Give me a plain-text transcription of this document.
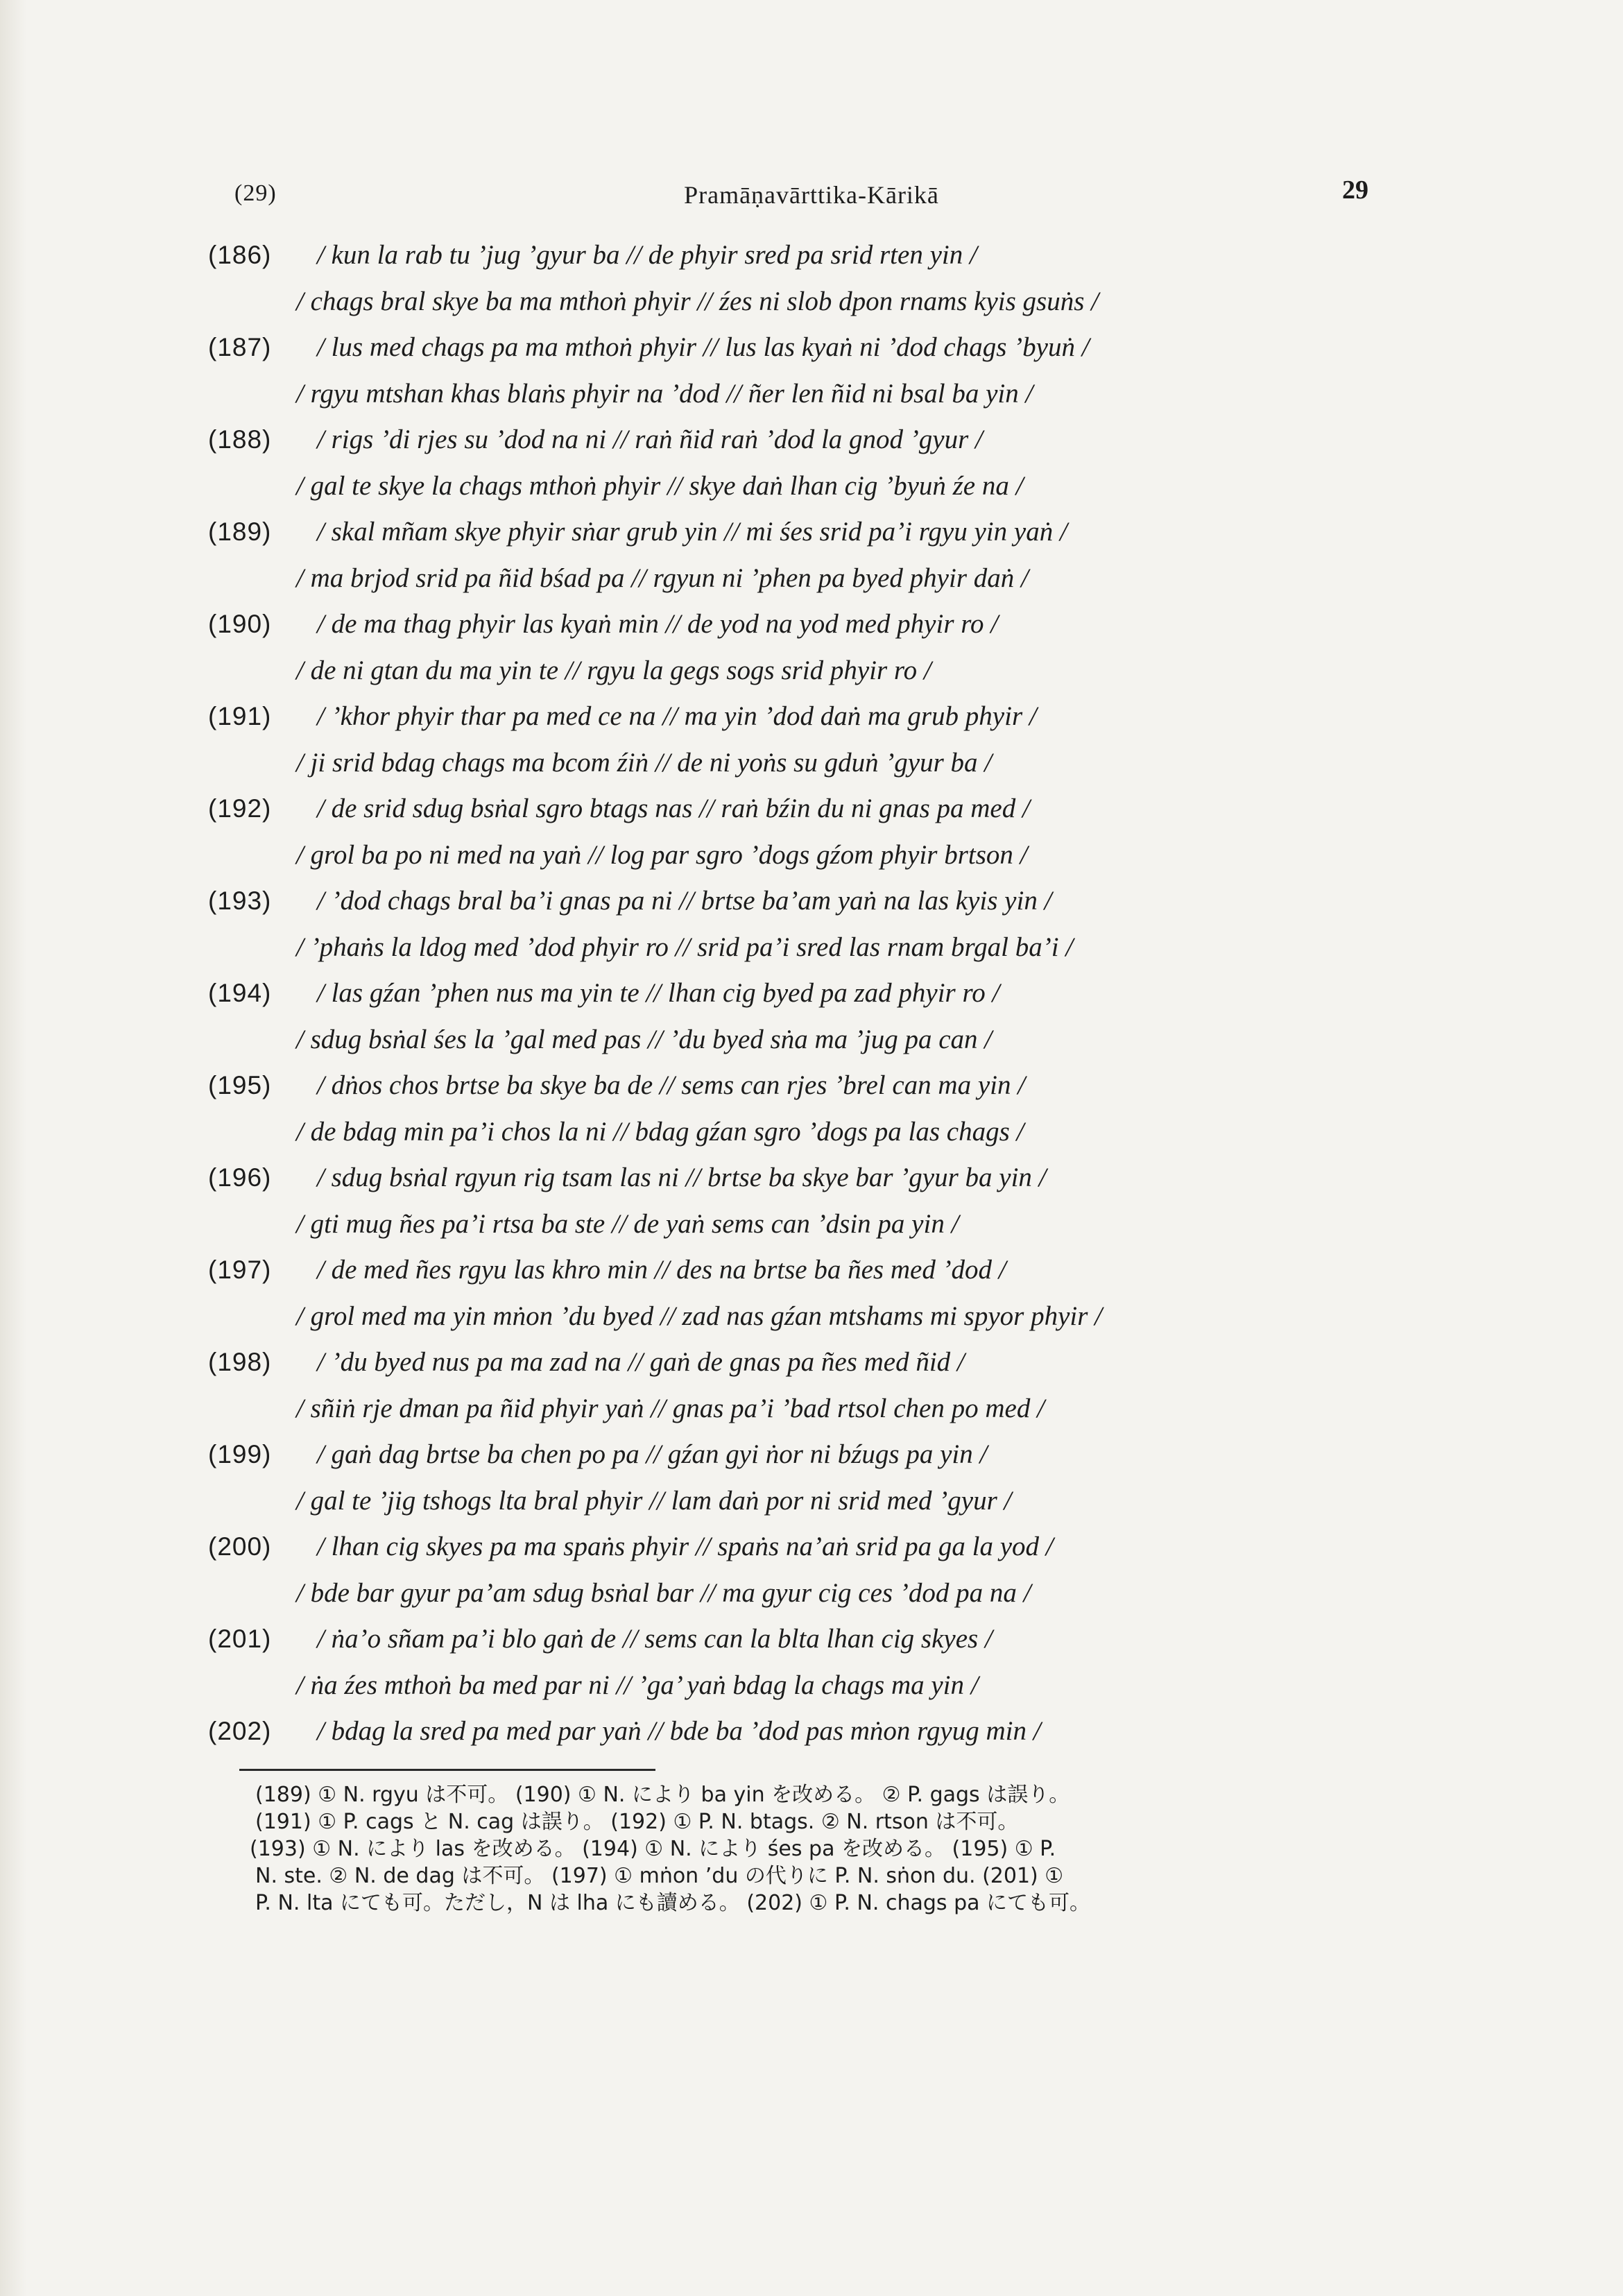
(29)	Pramāṇavārttika-Kārikā	29
(186)	/ kun la rab tu ’jug ’gyur ba // de phyir sred pa srid rten yin /
/ chags bral skye ba ma mthoṅ phyir // źes ni slob dpon rnams kyis gsuṅs /
(187)	/ lus med chags pa ma mthoṅ phyir // lus las kyaṅ ni ’dod chags ’byuṅ /
/ rgyu mtshan khas blaṅs phyir na ’dod // ñer len ñid ni bsal ba yin /
(188)	/ rigs ’di rjes su ’dod na ni // raṅ ñid raṅ ’dod la gnod ’gyur /
/ gal te skye la chags mthoṅ phyir // skye daṅ lhan cig ’byuṅ źe na /
(189)	/ skal mñam skye phyir sṅar grub yin // mi śes srid pa’i rgyu yin yaṅ /
/ ma brjod srid pa ñid bśad pa // rgyun ni ’phen pa byed phyir daṅ /
(190)	/ de ma thag phyir las kyaṅ min // de yod na yod med phyir ro /
/ de ni gtan du ma yin te // rgyu la gegs sogs srid phyir ro /
(191)	/ ’khor phyir thar pa med ce na // ma yin ’dod daṅ ma grub phyir /
/ ji srid bdag chags ma bcom źiṅ // de ni yoṅs su gduṅ ’gyur ba /
(192)	/ de srid sdug bsṅal sgro btags nas // raṅ bźin du ni gnas pa med /
/ grol ba po ni med na yaṅ // log par sgro ’dogs gźom phyir brtson /
(193)	/ ’dod chags bral ba’i gnas pa ni // brtse ba’am yaṅ na las kyis yin /
/ ’phaṅs la ldog med ’dod phyir ro // srid pa’i sred las rnam brgal ba’i /
(194)	/ las gźan ’phen nus ma yin te // lhan cig byed pa zad phyir ro /
/ sdug bsṅal śes la ’gal med pas // ’du byed sṅa ma ’jug pa can /
(195)	/ dṅos chos brtse ba skye ba de // sems can rjes ’brel can ma yin /
/ de bdag min pa’i chos la ni // bdag gźan sgro ’dogs pa las chags /
(196)	/ sdug bsṅal rgyun rig tsam las ni // brtse ba skye bar ’gyur ba yin /
/ gti mug ñes pa’i rtsa ba ste // de yaṅ sems can ’dsin pa yin /
(197)	/ de med ñes rgyu las khro min // des na brtse ba ñes med ’dod /
/ grol med ma yin mṅon ’du byed // zad nas gźan mtshams mi spyor phyir /
(198)	/ ’du byed nus pa ma zad na // gaṅ de gnas pa ñes med ñid /
/ sñiṅ rje dman pa ñid phyir yaṅ // gnas pa’i ’bad rtsol chen po med /
(199)	/ gaṅ dag brtse ba chen po pa // gźan gyi ṅor ni bźugs pa yin /
/ gal te ’jig tshogs lta bral phyir // lam daṅ por ni srid med ’gyur /
(200)	/ lhan cig skyes pa ma spaṅs phyir // spaṅs na’aṅ srid pa ga la yod /
/ bde bar gyur pa’am sdug bsṅal bar // ma gyur cig ces ’dod pa na /
(201)	/ ṅa’o sñam pa’i blo gaṅ de // sems can la blta lhan cig skyes /
/ ṅa źes mthoṅ ba med par ni // ’ga’ yaṅ bdag la chags ma yin /
(202)	/ bdag la sred pa med par yaṅ // bde ba ’dod pas mṅon rgyug min /
(189) ① N. rgyu は不可。 (190) ① N. により ba yin を改める。 ② P. gags は誤り。
(191) ① P. cags と N. cag は誤り。 (192) ① P. N. btags. ② N. rtson は不可。
(193) ① N. により las を改める。 (194) ① N. により śes pa を改める。 (195) ① P.
N. ste. ② N. de dag は不可。 (197) ① mṅon ’du の代りに P. N. sṅon du. (201) ①
P. N. lta にても可。ただし，N は lha にも讀める。 (202) ① P. N. chags pa にても可。
